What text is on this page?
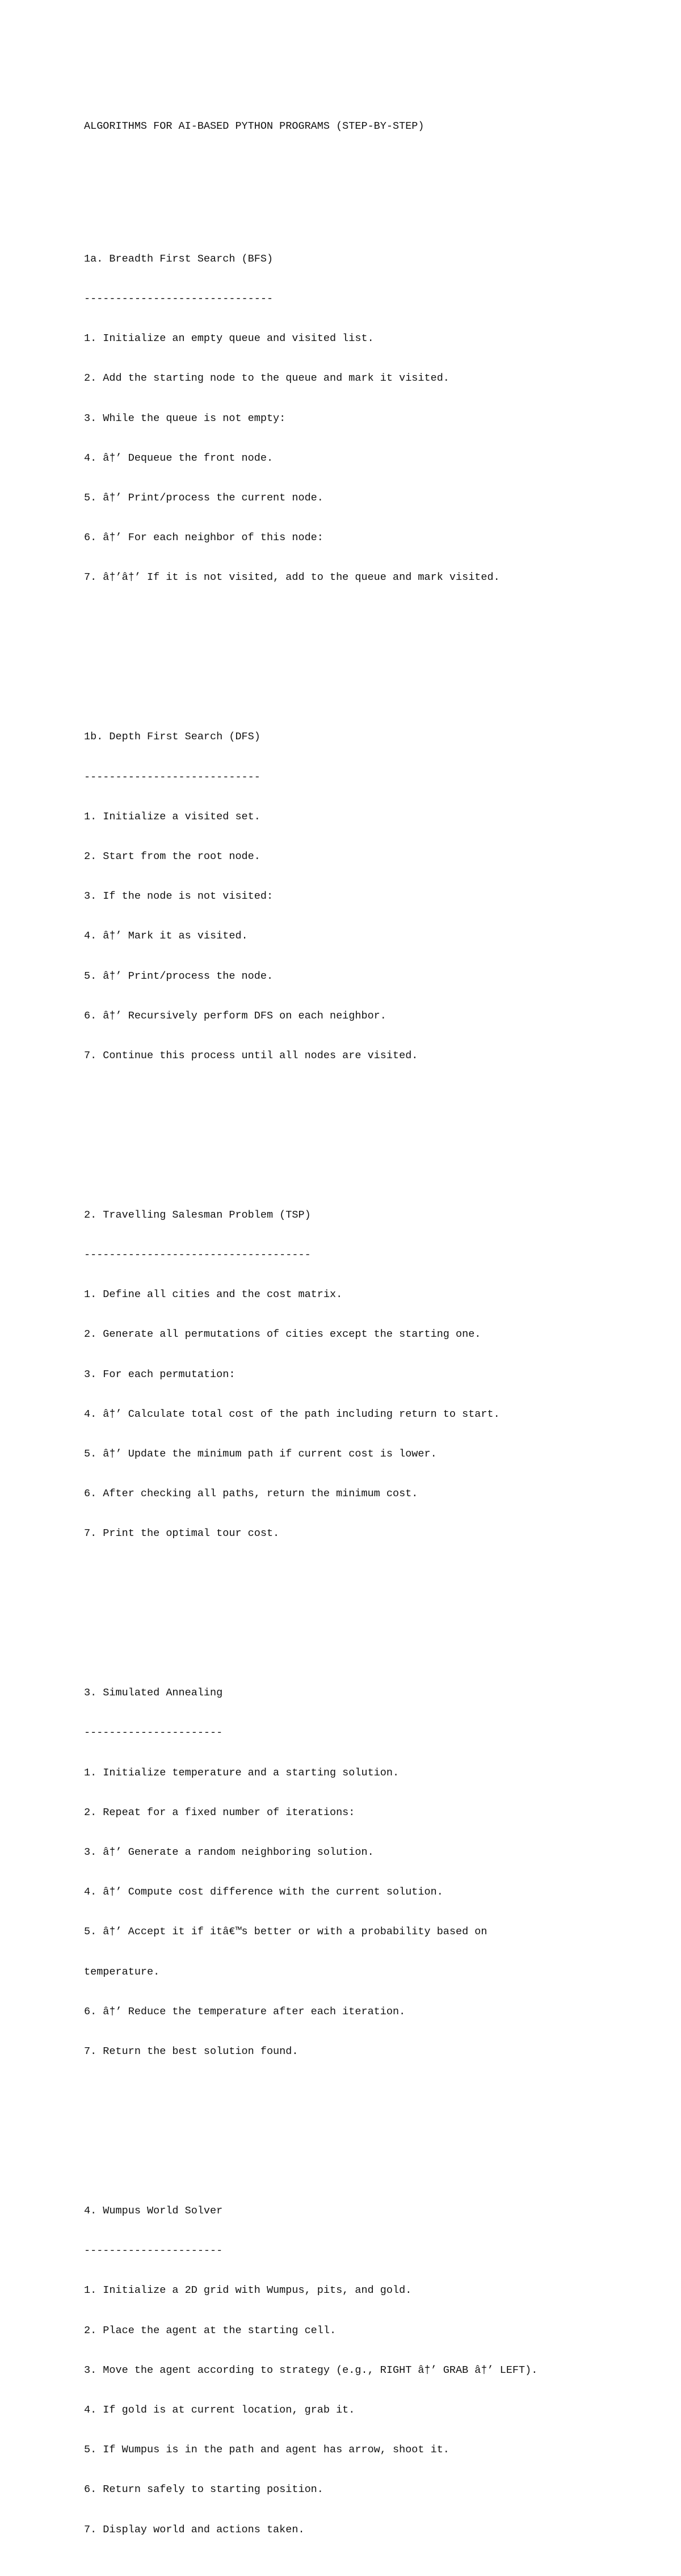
ALGORITHMS FOR AI-BASED PYTHON PROGRAMS (STEP-BY-STEP)

1a. Breadth First Search (BFS)

------------------------------

1. Initialize an empty queue and visited list.

2. Add the starting node to the queue and mark it visited.

3. While the queue is not empty:

4. â†’ Dequeue the front node.

5. â†’ Print/process the current node.

6. â†’ For each neighbor of this node:

7. â†’â†’ If it is not visited, add to the queue and mark visited.

1b. Depth First Search (DFS)

----------------------------

1. Initialize a visited set.

2. Start from the root node.

3. If the node is not visited:

4. â†’ Mark it as visited.

5. â†’ Print/process the node.

6. â†’ Recursively perform DFS on each neighbor.

7. Continue this process until all nodes are visited.

2. Travelling Salesman Problem (TSP)

------------------------------------

1. Define all cities and the cost matrix.

2. Generate all permutations of cities except the starting one.

3. For each permutation:

4. â†’ Calculate total cost of the path including return to start.

5. â†’ Update the minimum path if current cost is lower.

6. After checking all paths, return the minimum cost.

7. Print the optimal tour cost.

3. Simulated Annealing

----------------------

1. Initialize temperature and a starting solution.

2. Repeat for a fixed number of iterations:

3. â†’ Generate a random neighboring solution.

4. â†’ Compute cost difference with the current solution.

5. â†’ Accept it if itâ€™s better or with a probability based on

temperature.

6. â†’ Reduce the temperature after each iteration.

7. Return the best solution found.

4. Wumpus World Solver

----------------------

1. Initialize a 2D grid with Wumpus, pits, and gold.

2. Place the agent at the starting cell.

3. Move the agent according to strategy (e.g., RIGHT â†’ GRAB â†’ LEFT).

4. If gold is at current location, grab it.

5. If Wumpus is in the path and agent has arrow, shoot it.

6. Return safely to starting position.

7. Display world and actions taken.
